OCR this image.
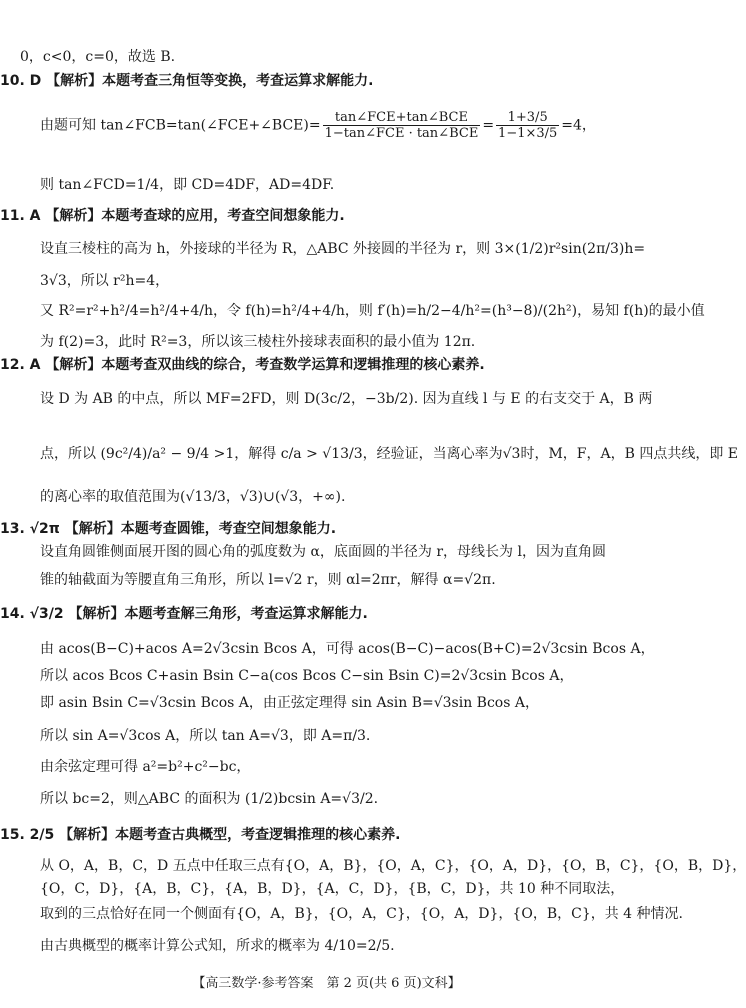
0，c<0，c=0，故选 B.
10. D 【解析】本题考查三角恒等变换，考查运算求解能力.
由题可知 tan∠FCB=tan(∠FCE+∠BCE)=	tan∠FCE+tan∠BCE
1−tan∠FCE · tan∠BCE = $\frac{1+3/5}{1-1\times 3/5} =4$，
则 tan∠FCD=1/4，即 CD=4DF，AD=4DF.
11. A 【解析】本题考查球的应用，考查空间想象能力.
设直三棱柱的高为 h，外接球的半径为 R，△ABC 外接圆的半径为 r，则 3×(1/2)r²sin(2π/3)h=
3√3，所以 r²h=4，
又 R²=r²+h²/4=h²/4+4/h，令 f(h)=h²/4+4/h，则 f′(h)=h/2−4/h²=(h³−8)/(2h²)，易知 f(h)的最小值
为 f(2)=3，此时 R²=3，所以该三棱柱外接球表面积的最小值为 12π.
12. A 【解析】本题考查双曲线的综合，考查数学运算和逻辑推理的核心素养.
设 D 为 AB 的中点，所以 MF=2FD，则 D(3c/2，−3b/2). 因为直线 l 与 E 的右支交于 A，B 两
点，所以 (9c²/4)/a² − 9/4 >1，解得 c/a > √13/3，经验证，当离心率为√3时，M，F，A，B 四点共线，即 E
的离心率的取值范围为(√13/3，√3)∪(√3，+∞).
13. √2π 【解析】本题考查圆锥，考查空间想象能力.
设直角圆锥侧面展开图的圆心角的弧度数为 α，底面圆的半径为 r，母线长为 l，因为直角圆
锥的轴截面为等腰直角三角形，所以 l=√2 r，则 αl=2πr，解得 α=√2π.
14. √3/2 【解析】本题考查解三角形，考查运算求解能力.
由 acos(B−C)+acos A=2√3csin Bcos A，可得 acos(B−C)−acos(B+C)=2√3csin Bcos A，
所以 acos Bcos C+asin Bsin C−a(cos Bcos C−sin Bsin C)=2√3csin Bcos A，
即 asin Bsin C=√3csin Bcos A，由正弦定理得 sin Asin B=√3sin Bcos A，
所以 sin A=√3cos A，所以 tan A=√3，即 A=π/3.
由余弦定理可得 a²=b²+c²−bc，
所以 bc=2，则△ABC 的面积为 (1/2)bcsin A=√3/2.
15. 2/5 【解析】本题考查古典概型，考查逻辑推理的核心素养.
从 O，A，B，C，D 五点中任取三点有{O，A，B}，{O，A，C}，{O，A，D}，{O，B，C}，{O，B，D}，
{O，C，D}，{A，B，C}，{A，B，D}，{A，C，D}，{B，C，D}，共 10 种不同取法，
取到的三点恰好在同一个侧面有{O，A，B}，{O，A，C}，{O，A，D}，{O，B，C}，共 4 种情况.
由古典概型的概率计算公式知，所求的概率为 4/10=2/5.
【高三数学·参考答案　第 2 页(共 6 页)文科】
